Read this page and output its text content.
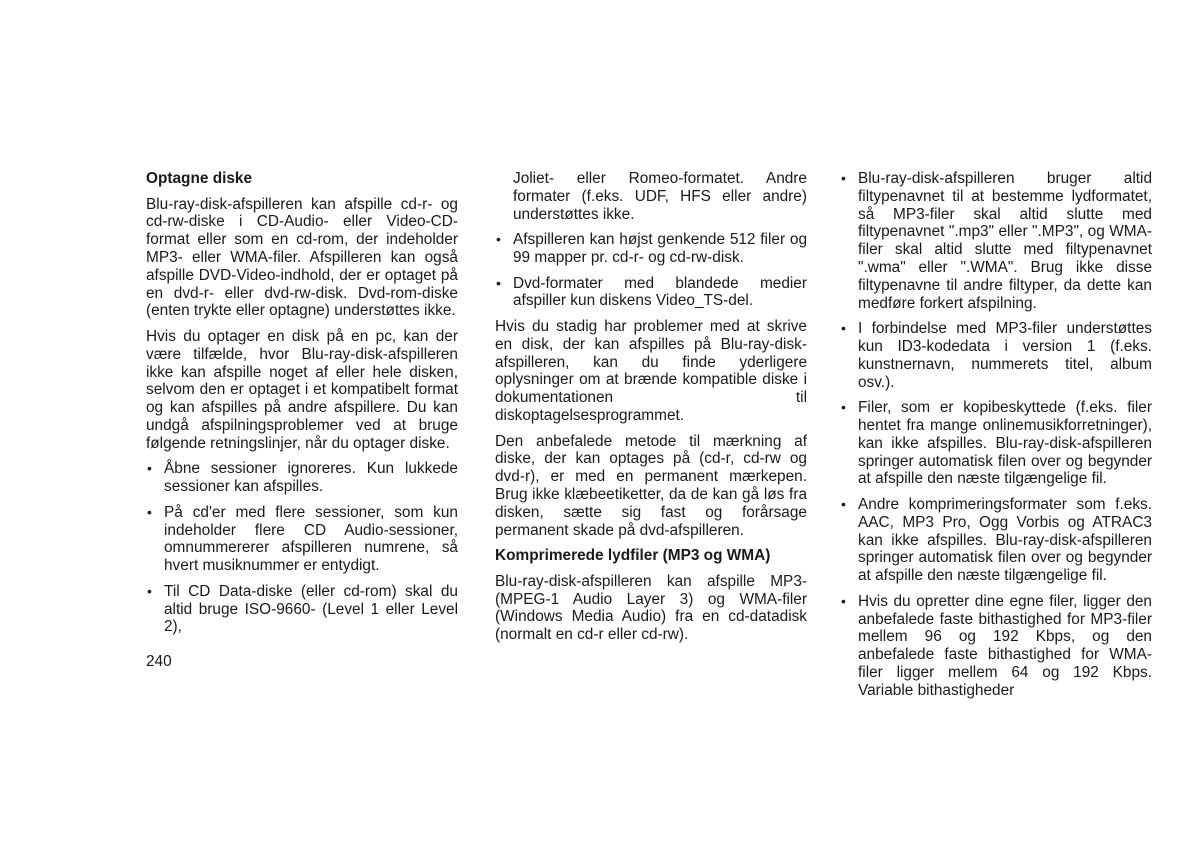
Optagne diske

Blu-ray-disk-afspilleren kan afspille cd-r- og cd-rw-diske i CD-Audio- eller Video-CD-format eller som en cd-rom, der indeholder MP3- eller WMA-filer. Afspilleren kan også afspille DVD-Video-indhold, der er optaget på en dvd-r- eller dvd-rw-disk. Dvd-rom-diske (enten trykte eller optagne) understøttes ikke.

Hvis du optager en disk på en pc, kan der være tilfælde, hvor Blu-ray-disk-afspilleren ikke kan afspille noget af eller hele disken, selvom den er optaget i et kompatibelt format og kan afspilles på andre afspillere. Du kan undgå afspilningsproblemer ved at bruge følgende retningslinjer, når du optager diske.

• Åbne sessioner ignoreres. Kun lukkede sessioner kan afspilles.
• På cd'er med flere sessioner, som kun indeholder flere CD Audio-sessioner, omnummererer afspilleren numrene, så hvert musiknummer er entydigt.
• Til CD Data-diske (eller cd-rom) skal du altid bruge ISO-9660- (Level 1 eller Level 2),
Joliet- eller Romeo-formatet. Andre formater (f.eks. UDF, HFS eller andre) understøttes ikke.
• Afspilleren kan højst genkende 512 filer og 99 mapper pr. cd-r- og cd-rw-disk.
• Dvd-formater med blandede medier afspiller kun diskens Video_TS-del.

Hvis du stadig har problemer med at skrive en disk, der kan afspilles på Blu-ray-disk-afspilleren, kan du finde yderligere oplysninger om at brænde kompatible diske i dokumentationen til diskoptagelsesprogrammet.

Den anbefalede metode til mærkning af diske, der kan optages på (cd-r, cd-rw og dvd-r), er med en permanent mærkepen. Brug ikke klæbeetiketter, da de kan gå løs fra disken, sætte sig fast og forårsage permanent skade på dvd-afspilleren.

Komprimerede lydfiler (MP3 og WMA)

Blu-ray-disk-afspilleren kan afspille MP3- (MPEG-1 Audio Layer 3) og WMA-filer (Windows Media Audio) fra en cd-datadisk (normalt en cd-r eller cd-rw).

• Blu-ray-disk-afspilleren bruger altid filtypenavnet til at bestemme lydformatet, så MP3-filer skal altid slutte med filtypenavnet ".mp3" eller ".MP3", og WMA-filer skal altid slutte med filtypenavnet ".wma" eller ".WMA". Brug ikke disse filtypenavne til andre filtyper, da dette kan medføre forkert afspilning.
• I forbindelse med MP3-filer understøttes kun ID3-kodedata i version 1 (f.eks. kunstnernavn, nummerets titel, album osv.).
• Filer, som er kopibeskyttede (f.eks. filer hentet fra mange onlinemusikforretninger), kan ikke afspilles. Blu-ray-disk-afspilleren springer automatisk filen over og begynder at afspille den næste tilgængelige fil.
• Andre komprimeringsformater som f.eks. AAC, MP3 Pro, Ogg Vorbis og ATRAC3 kan ikke afspilles. Blu-ray-disk-afspilleren springer automatisk filen over og begynder at afspille den næste tilgængelige fil.
• Hvis du opretter dine egne filer, ligger den anbefalede faste bithastighed for MP3-filer mellem 96 og 192 Kbps, og den anbefalede faste bithastighed for WMA-filer ligger mellem 64 og 192 Kbps. Variable bithastigheder
240
